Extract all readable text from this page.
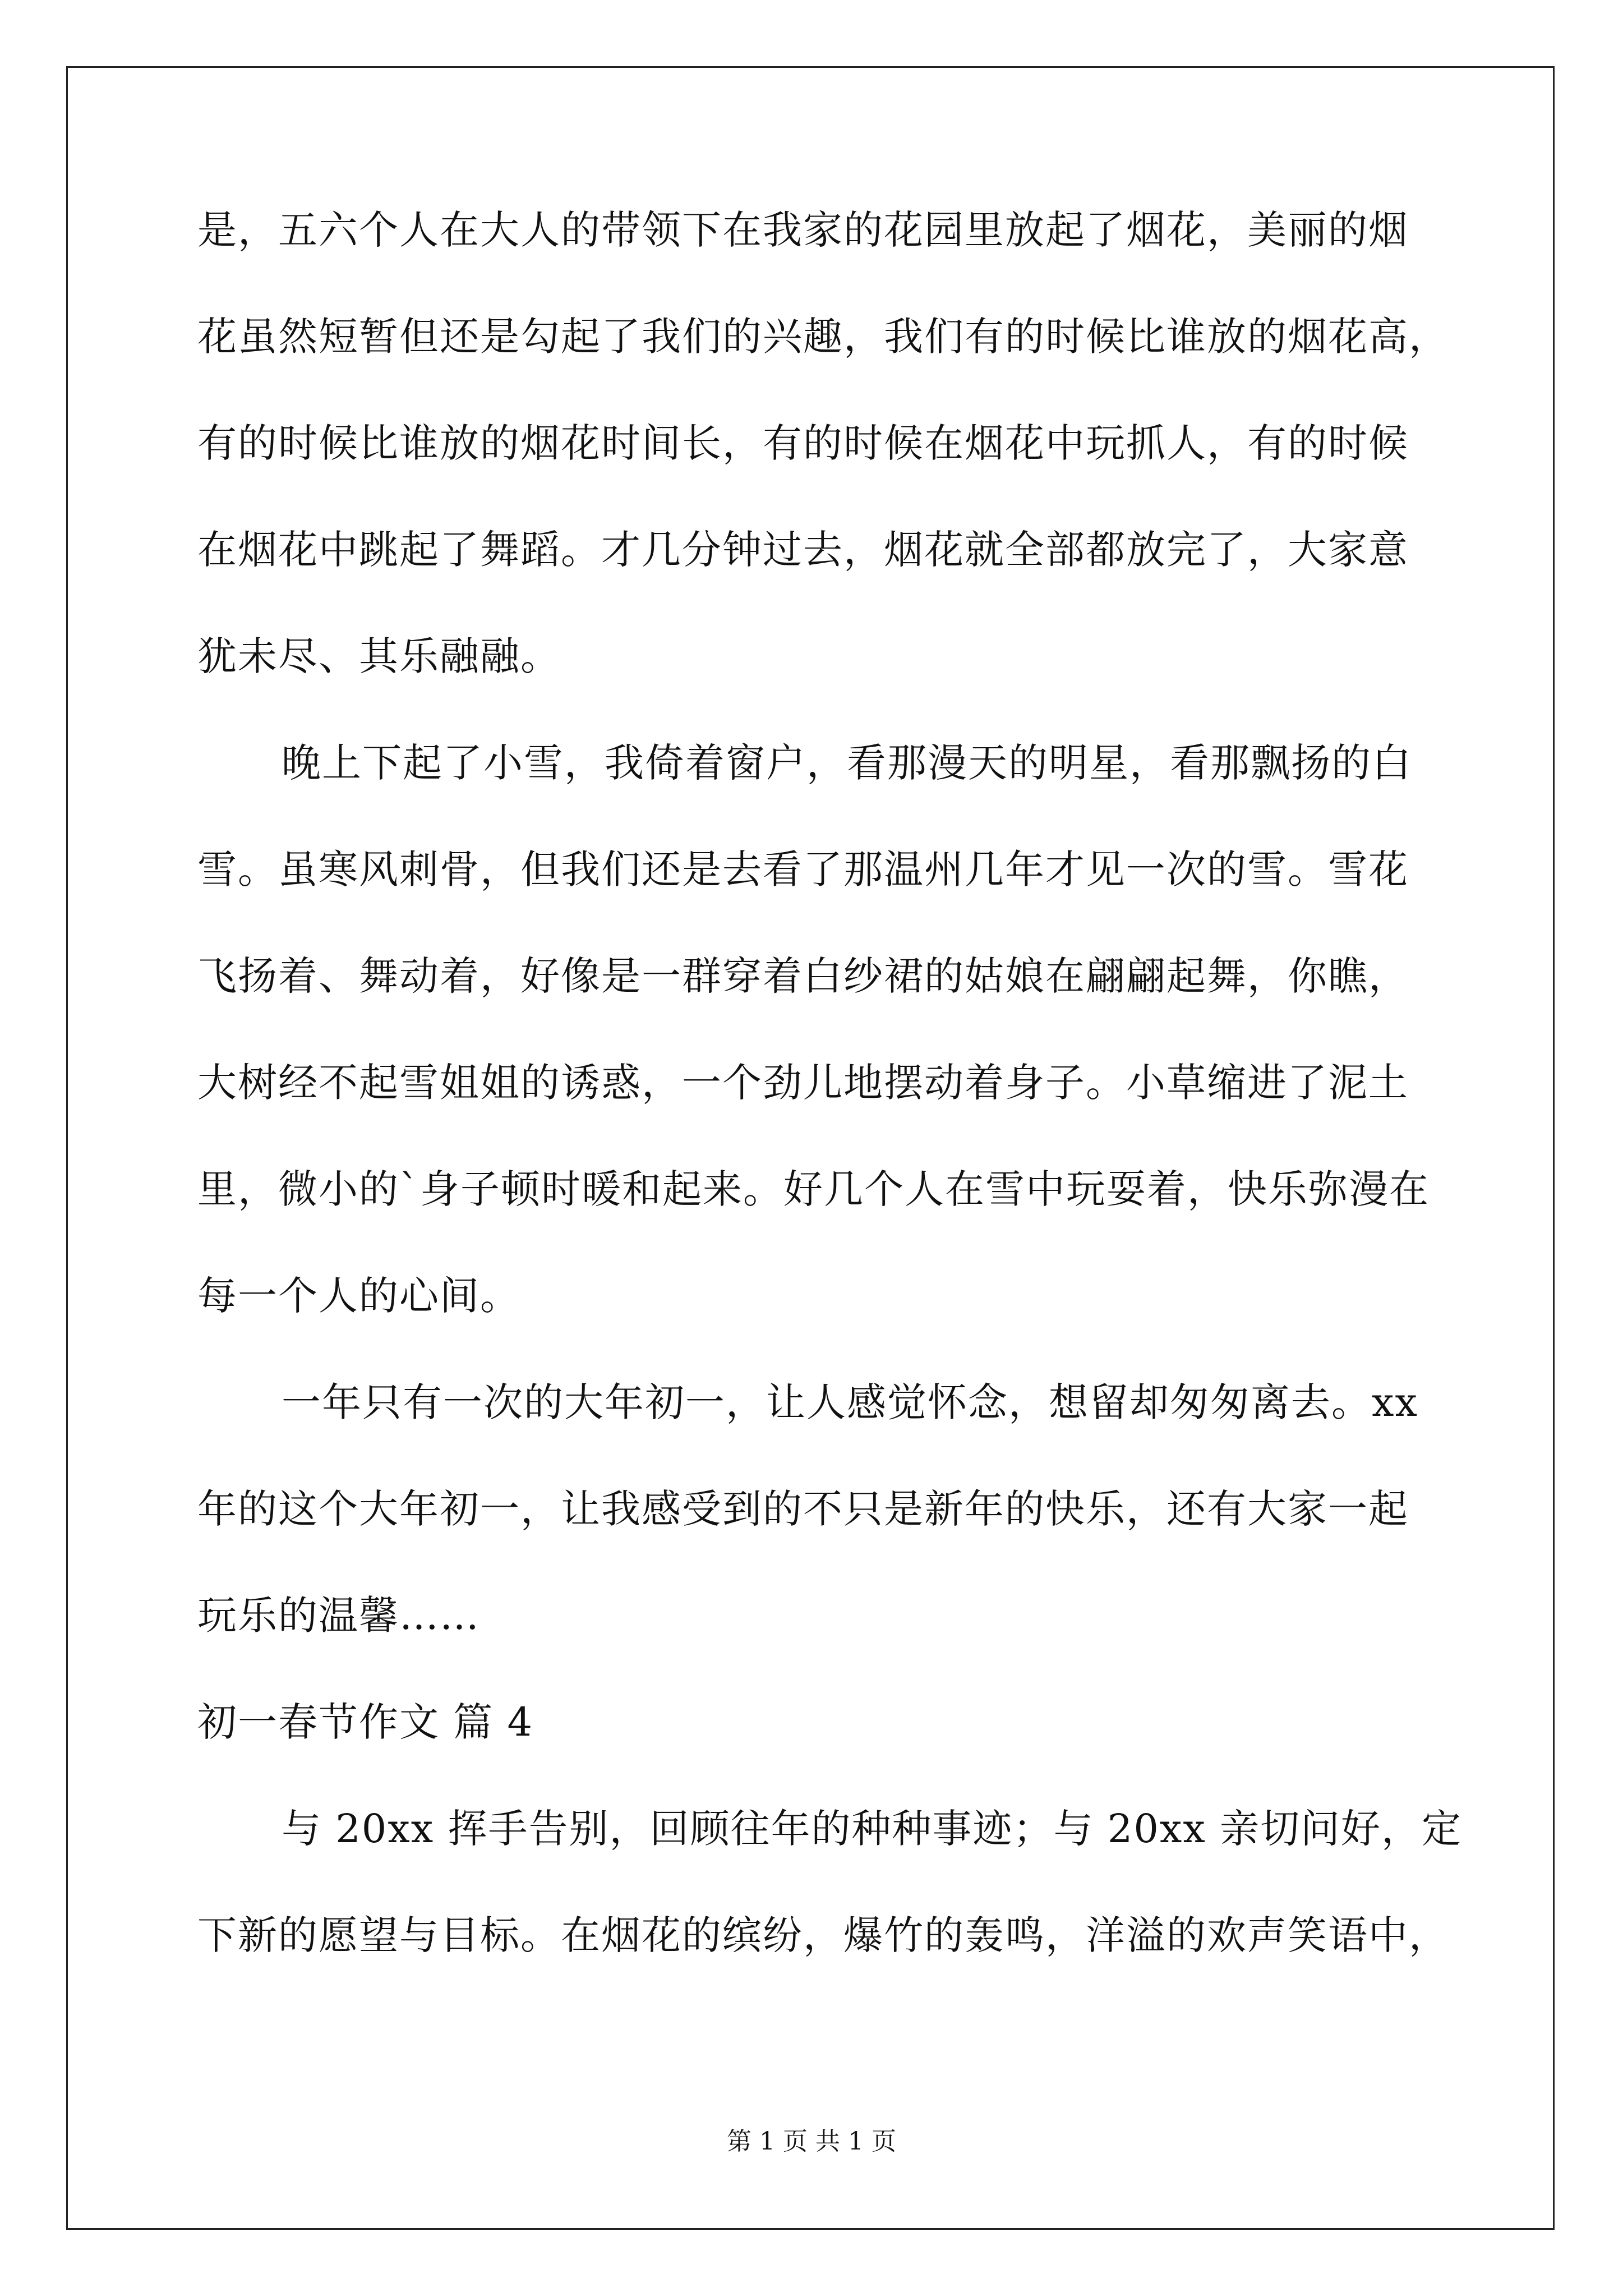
是，五六个人在大人的带领下在我家的花园里放起了烟花，美丽的烟
花虽然短暂但还是勾起了我们的兴趣，我们有的时候比谁放的烟花高，
有的时候比谁放的烟花时间长，有的时候在烟花中玩抓人，有的时候
在烟花中跳起了舞蹈。才几分钟过去，烟花就全部都放完了，大家意
犹未尽、其乐融融。
晚上下起了小雪，我倚着窗户，看那漫天的明星，看那飘扬的白
雪。虽寒风刺骨，但我们还是去看了那温州几年才见一次的雪。雪花
飞扬着、舞动着，好像是一群穿着白纱裙的姑娘在翩翩起舞，你瞧，
大树经不起雪姐姐的诱惑，一个劲儿地摆动着身子。小草缩进了泥土
里，微小的`身子顿时暖和起来。好几个人在雪中玩耍着，快乐弥漫在
每一个人的心间。
一年只有一次的大年初一，让人感觉怀念，想留却匆匆离去。xx
年的这个大年初一，让我感受到的不只是新年的快乐，还有大家一起
玩乐的温馨……
初一春节作文 篇 4
与 20xx 挥手告别，回顾往年的种种事迹；与 20xx 亲切问好，定
下新的愿望与目标。在烟花的缤纷，爆竹的轰鸣，洋溢的欢声笑语中，
第 1 页 共 1 页
